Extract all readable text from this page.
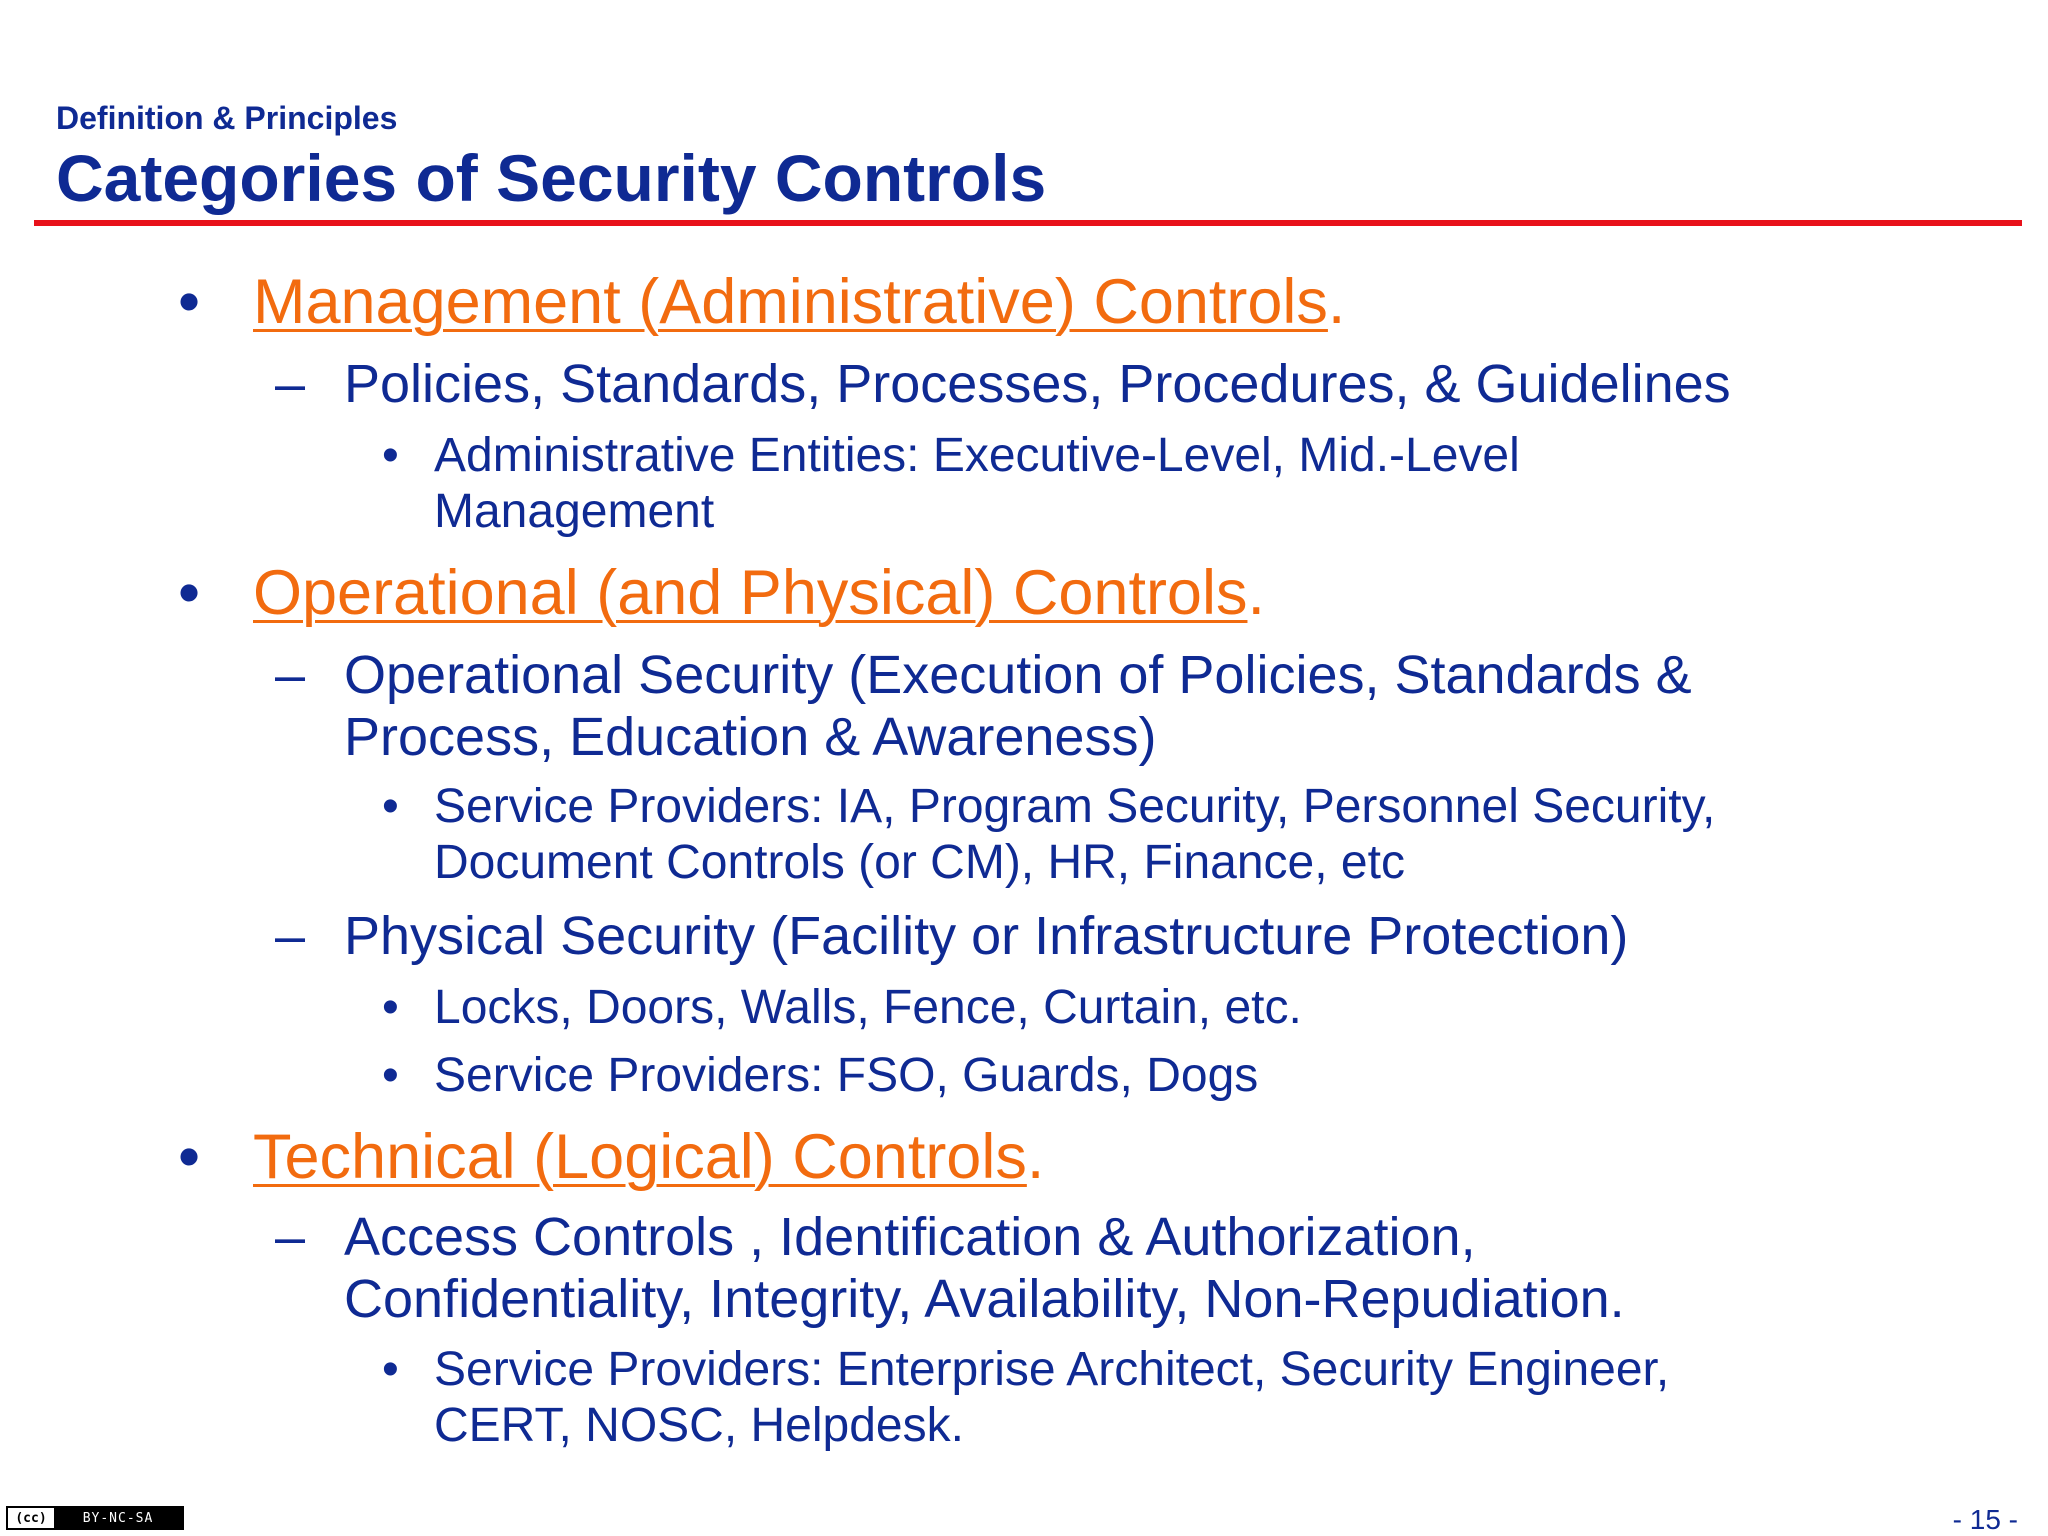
Definition & Principles
Categories of Security Controls
• Management (Administrative) Controls.
– Policies, Standards, Processes, Procedures, & Guidelines
• Administrative Entities: Executive-Level, Mid.-Level
Management
• Operational (and Physical) Controls.
– Operational Security (Execution of Policies, Standards &
Process, Education & Awareness)
• Service Providers: IA, Program Security, Personnel Security,
Document Controls (or CM), HR, Finance, etc
– Physical Security (Facility or Infrastructure Protection)
• Locks, Doors, Walls, Fence, Curtain, etc.
• Service Providers: FSO, Guards, Dogs
• Technical (Logical) Controls.
– Access Controls , Identification & Authorization,
Confidentiality, Integrity, Availability, Non-Repudiation.
• Service Providers: Enterprise Architect, Security Engineer,
CERT, NOSC, Helpdesk.
(cc)	BY-NC-SA	- 15 -
